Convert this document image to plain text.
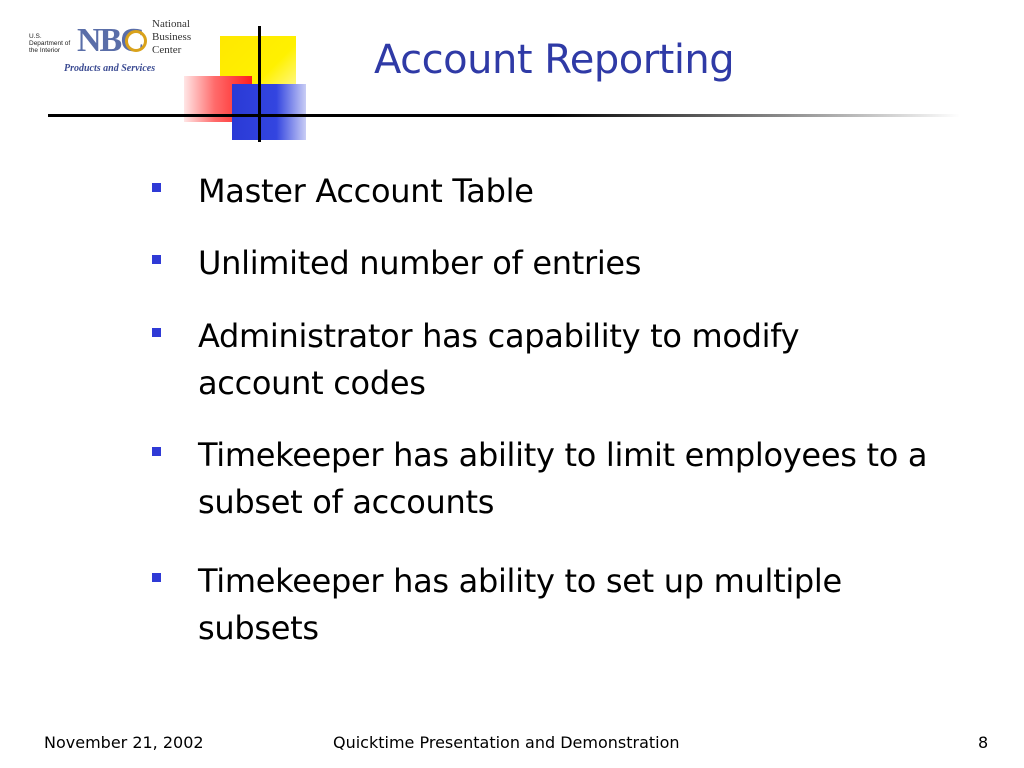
U.S. Department of the Interior NBC National
Business
Center
Products and Services	Account Reporting
Master Account Table
Unlimited number of entries
Administrator has capability to modify account codes
Timekeeper has ability to limit employees to a subset of accounts
Timekeeper has ability to set up multiple subsets
November 21, 2002	Quicktime Presentation and Demonstration	8
